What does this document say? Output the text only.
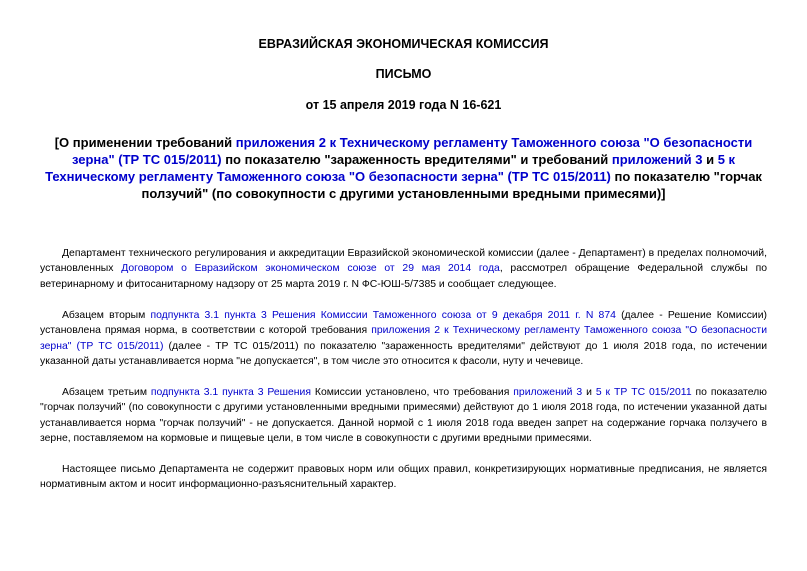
ЕВРАЗИЙСКАЯ ЭКОНОМИЧЕСКАЯ КОМИССИЯ
ПИСЬМО
от 15 апреля 2019 года N 16-621
[О применении требований приложения 2 к Техническому регламенту Таможенного союза "О безопасности зерна" (ТР ТС 015/2011) по показателю "зараженность вредителями" и требований приложений 3 и 5 к Техническому регламенту Таможенного союза "О безопасности зерна" (ТР ТС 015/2011) по показателю "горчак ползучий" (по совокупности с другими установленными вредными примесями)]

Департамент технического регулирования и аккредитации Евразийской экономической комиссии (далее - Департамент) в пределах полномочий, установленных Договором о Евразийском экономическом союзе от 29 мая 2014 года, рассмотрел обращение Федеральной службы по ветеринарному и фитосанитарному надзору от 25 марта 2019 г. N ФС-ЮШ-5/7385 и сообщает следующее.

Абзацем вторым подпункта 3.1 пункта 3 Решения Комиссии Таможенного союза от 9 декабря 2011 г. N 874 (далее - Решение Комиссии) установлена прямая норма, в соответствии с которой требования приложения 2 к Техническому регламенту Таможенного союза "О безопасности зерна" (ТР ТС 015/2011) (далее - ТР ТС 015/2011) по показателю "зараженность вредителями" действуют до 1 июля 2018 года, по истечении указанной даты устанавливается норма "не допускается", в том числе это относится к фасоли, нуту и чечевице.

Абзацем третьим подпункта 3.1 пункта 3 Решения Комиссии установлено, что требования приложений 3 и 5 к ТР ТС 015/2011 по показателю "горчак ползучий" (по совокупности с другими установленными вредными примесями) действуют до 1 июля 2018 года, по истечении указанной даты устанавливается норма "горчак ползучий" - не допускается. Данной нормой с 1 июля 2018 года введен запрет на содержание горчака ползучего в зерне, поставляемом на кормовые и пищевые цели, в том числе в совокупности с другими вредными примесями.

Настоящее письмо Департамента не содержит правовых норм или общих правил, конкретизирующих нормативные предписания, не является нормативным актом и носит информационно-разъяснительный характер.
